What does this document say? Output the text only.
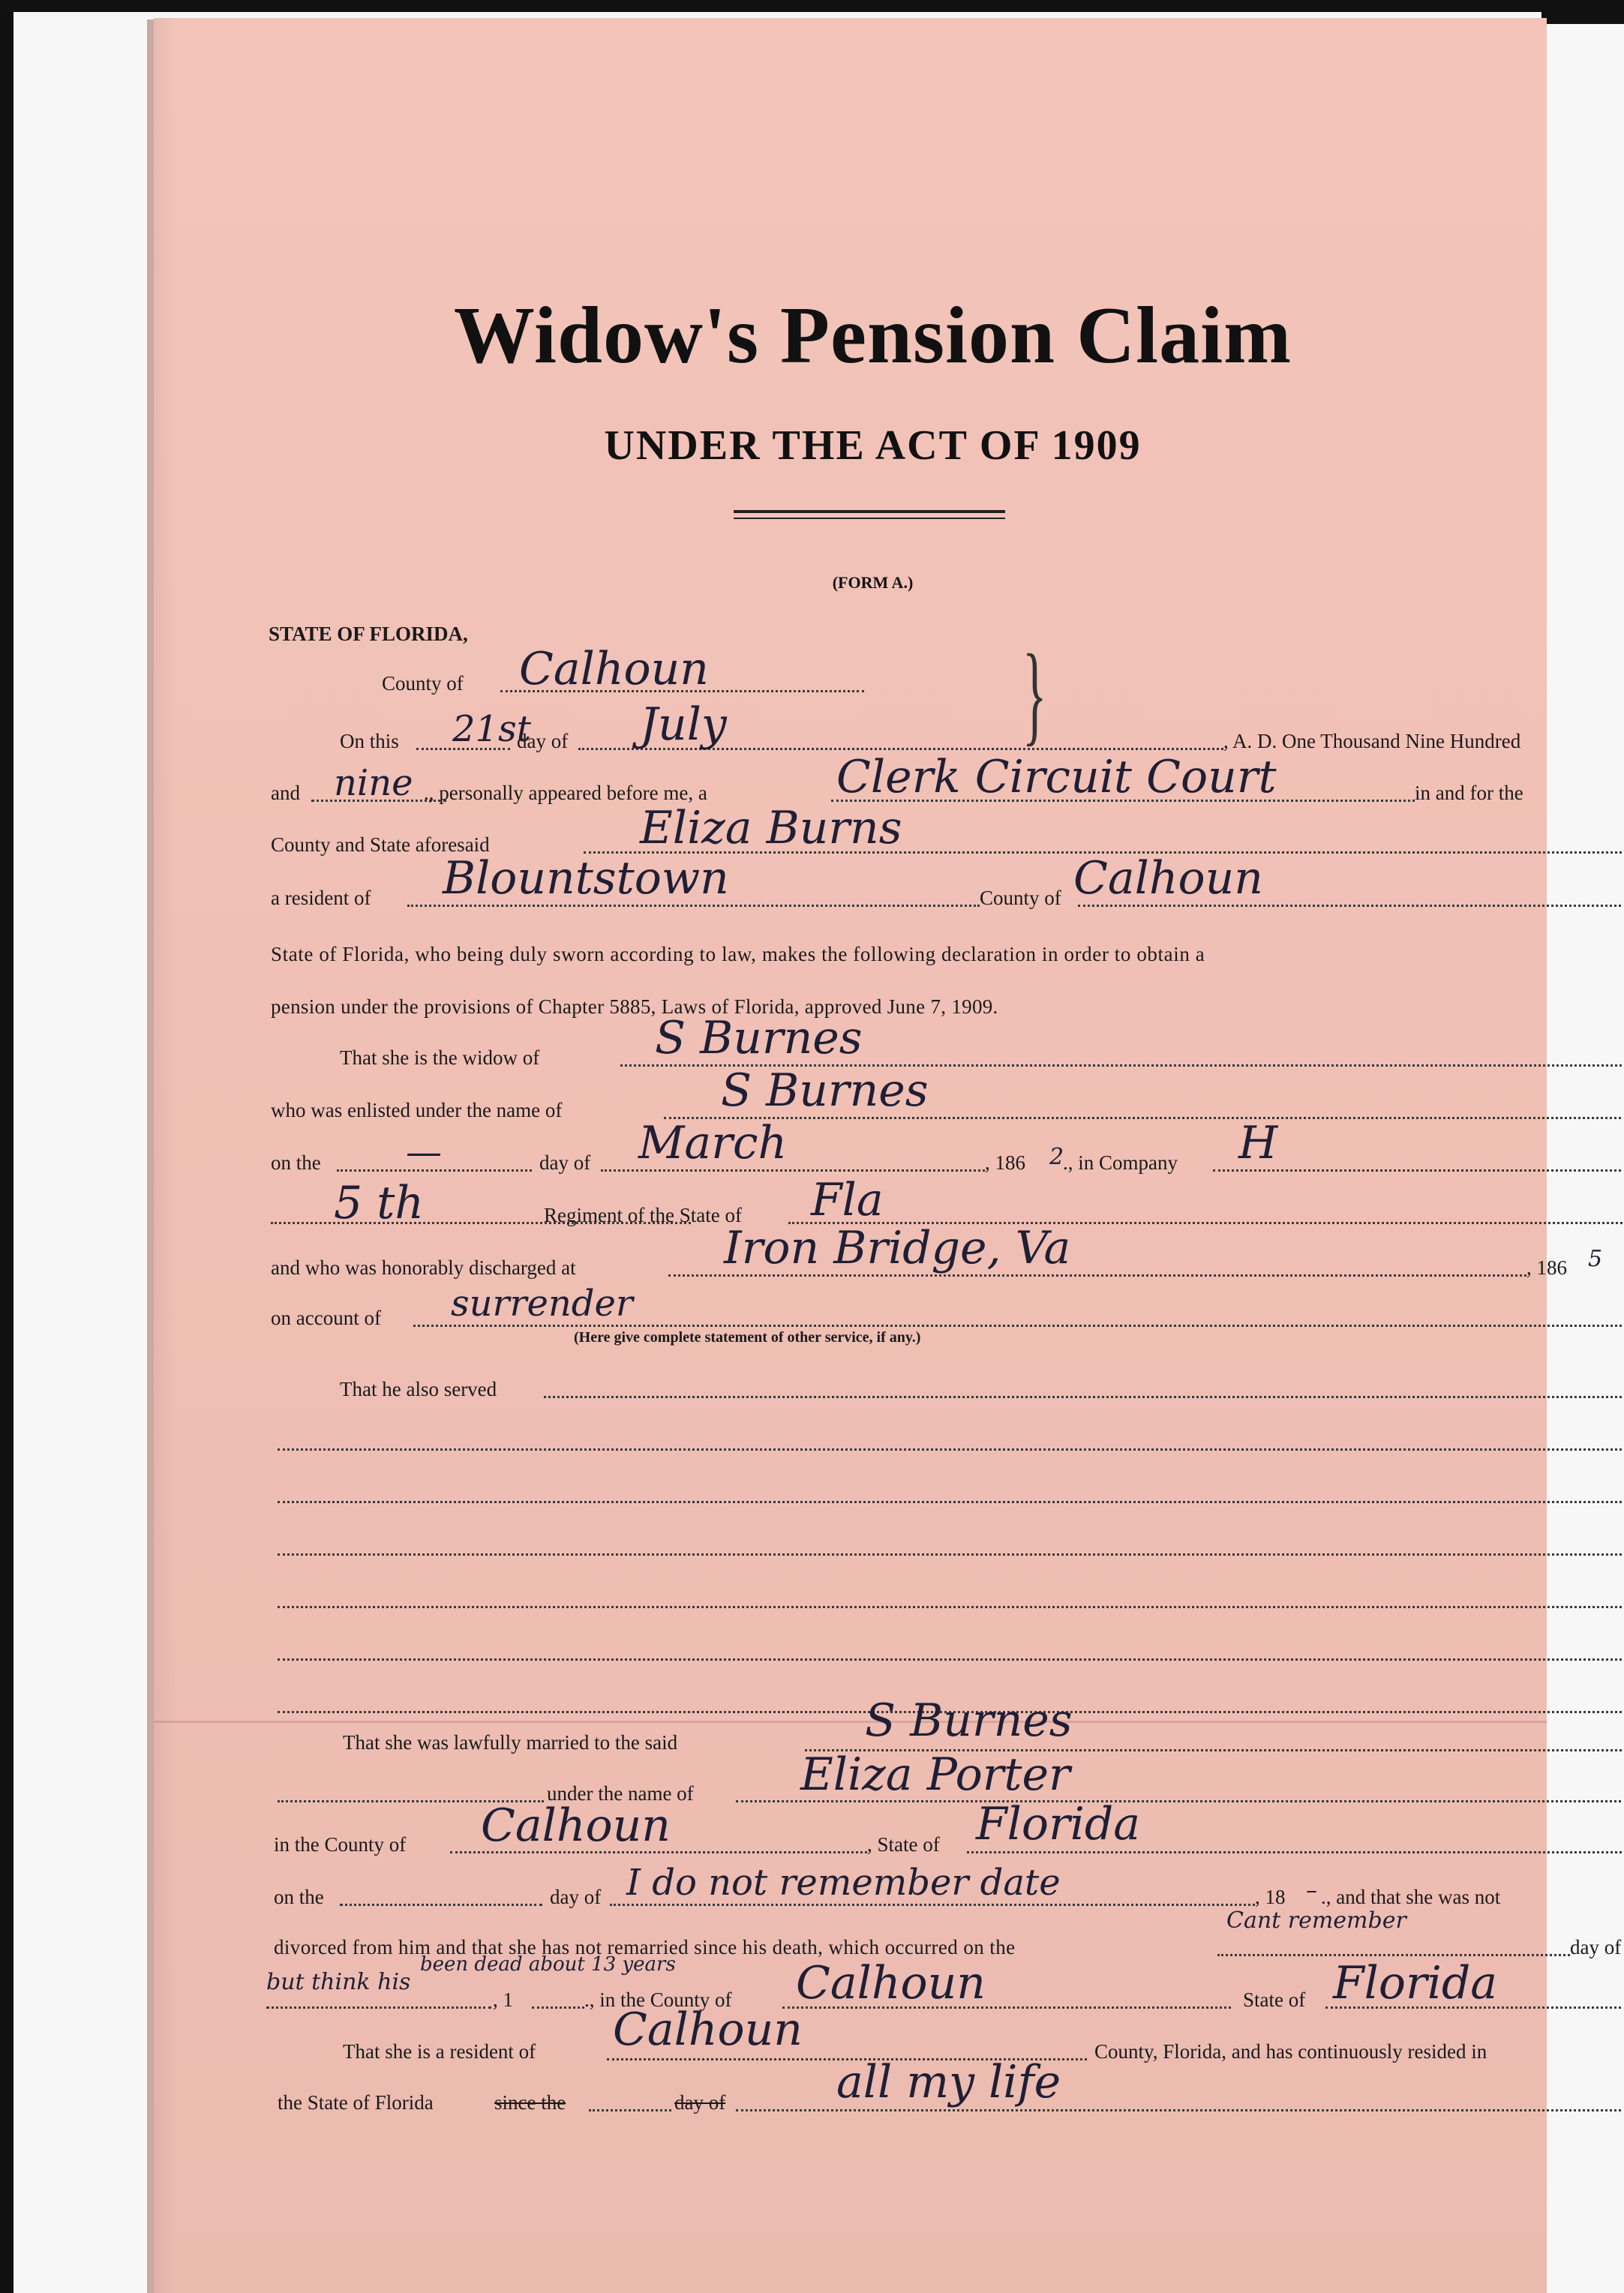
Widow's Pension Claim
UNDER THE ACT OF 1909
(FORM A.)
STATE OF FLORIDA,
County of Calhoun	}
On this 21st
day of July	, A. D. One Thousand Nine Hundred
and nine ., personally appeared before me, a	Clerk Circuit Court	in and for the
County and State aforesaid	Eliza Burns
a resident of Blountstown	County of Calhoun
State of Florida, who being duly sworn according to law, makes the following declaration in order to obtain a
pension under the provisions of Chapter 5885, Laws of Florida, approved June 7, 1909.
That she is the widow of	S Burnes
who was enlisted under the name of	S Burnes
on the —	day of March	, 186 2
., in Company H
5 th	Regiment of the State of Fla
and who was honorably discharged at	Iron Bridge, Va	, 186 5
on account of surrender
(Here give complete statement of other service, if any.)
That he also served
That she was lawfully married to the said	S Burnes
under the name of Eliza Porter
in the County of Calhoun	, State of Florida
on the	day of I do not remember date	, 18 – ., and that she was not
divorced from him and that she has not remarried since his death, which occurred on the
Cant remember
day of
but think his
been dead about 13 years
, 1	., in the County of Calhoun	State of Florida
That she is a resident of Calhoun	County, Florida, and has continuously resided in
the State of Florida	since the	day of all my life
